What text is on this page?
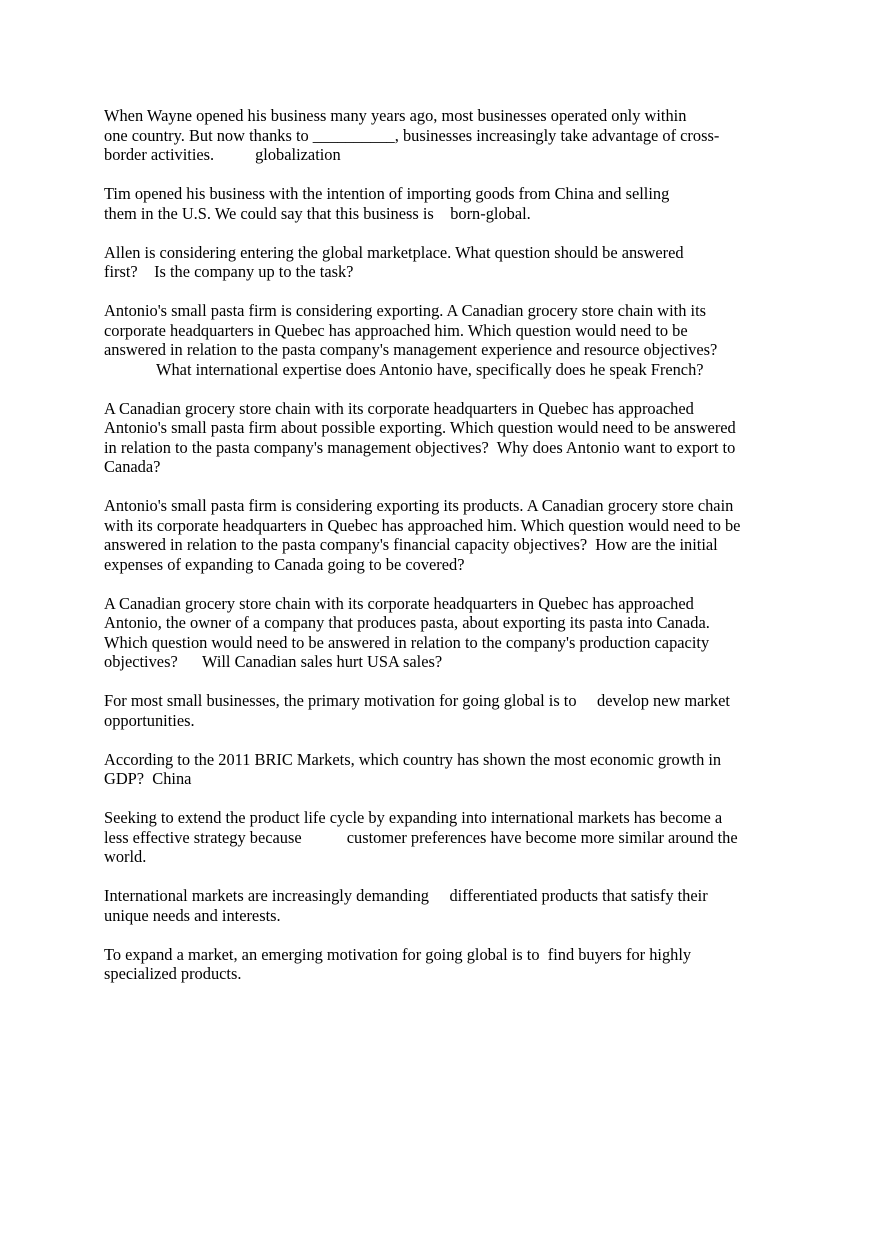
When Wayne opened his business many years ago, most businesses operated only within
one country. But now thanks to __________, businesses increasingly take advantage of cross-
border activities.          globalization
Tim opened his business with the intention of importing goods from China and selling
them in the U.S. We could say that this business is    born-global.
Allen is considering entering the global marketplace. What question should be answered
first?    Is the company up to the task?
Antonio's small pasta firm is considering exporting. A Canadian grocery store chain with its
corporate headquarters in Quebec has approached him. Which question would need to be
answered in relation to the pasta company's management experience and resource objectives?
What international expertise does Antonio have, specifically does he speak French?
A Canadian grocery store chain with its corporate headquarters in Quebec has approached
Antonio's small pasta firm about possible exporting. Which question would need to be answered
in relation to the pasta company's management objectives?  Why does Antonio want to export to
Canada?
Antonio's small pasta firm is considering exporting its products. A Canadian grocery store chain
with its corporate headquarters in Quebec has approached him. Which question would need to be
answered in relation to the pasta company's financial capacity objectives?  How are the initial
expenses of expanding to Canada going to be covered?
A Canadian grocery store chain with its corporate headquarters in Quebec has approached
Antonio, the owner of a company that produces pasta, about exporting its pasta into Canada.
Which question would need to be answered in relation to the company's production capacity
objectives?      Will Canadian sales hurt USA sales?
For most small businesses, the primary motivation for going global is to     develop new market
opportunities.
According to the 2011 BRIC Markets, which country has shown the most economic growth in
GDP?  China
Seeking to extend the product life cycle by expanding into international markets has become a
less effective strategy because           customer preferences have become more similar around the
world.
International markets are increasingly demanding     differentiated products that satisfy their
unique needs and interests.
To expand a market, an emerging motivation for going global is to  find buyers for highly
specialized products.
